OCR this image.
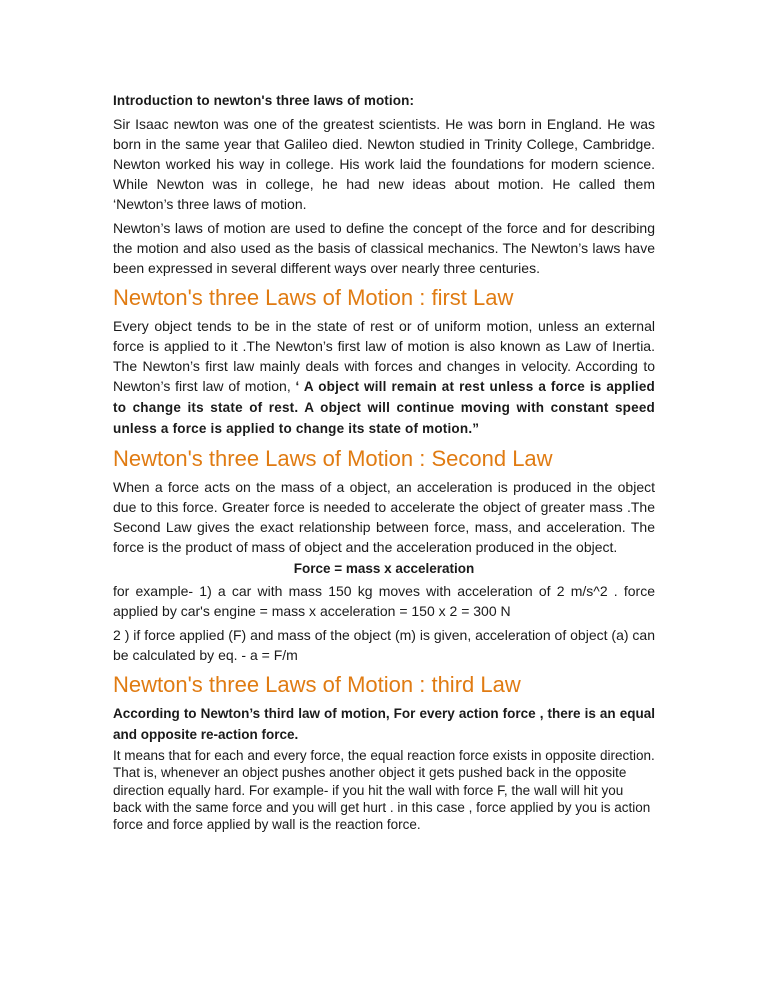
Introduction to newton's three laws of motion:

Sir Isaac newton was one of the greatest scientists. He was born in England. He was born in the same year that Galileo died. Newton studied in Trinity College, Cambridge. Newton worked his way in college. His work laid the foundations for modern science. While Newton was in college, he had new ideas about motion. He called them ‘Newton’s three laws of motion.

Newton’s laws of motion are used to define the concept of the force and for describing the motion and also used as the basis of classical mechanics. The Newton’s laws have been expressed in several different ways over nearly three centuries.

Newton's three Laws of Motion : first Law

Every object tends to be in the state of rest or of uniform motion, unless an external force is applied to it .The Newton’s first law of motion is also known as Law of Inertia. The Newton’s first law mainly deals with forces and changes in velocity. According to Newton’s first law of motion, ‘ A object will remain at rest unless a force is applied to change its state of rest. A object will continue moving with constant speed unless a force is applied to change its state of motion.”

Newton's three Laws of Motion : Second Law

When a force acts on the mass of a object, an acceleration is produced in the object due to this force. Greater force is needed to accelerate the object of greater mass .The Second Law gives the exact relationship between force, mass, and acceleration. The force is the product of mass of object and the acceleration produced in the object.

Force = mass x acceleration

for example- 1) a car with mass 150 kg moves with acceleration of 2 m/s^2 . force applied by car's engine = mass x acceleration = 150 x 2 = 300 N

2 ) if force applied (F) and mass of the object (m) is given, acceleration of object (a) can be calculated by eq. - a = F/m

Newton's three Laws of Motion : third Law

According to Newton’s third law of motion, For every action force , there is an equal and opposite re-action force.

It means that for each and every force, the equal reaction force exists in opposite direction. That is, whenever an object pushes another object it gets pushed back in the opposite direction equally hard. For example- if you hit the wall with force F, the wall will hit you back with the same force and you will get hurt . in this case , force applied by you is action force and force applied by wall is the reaction force.
